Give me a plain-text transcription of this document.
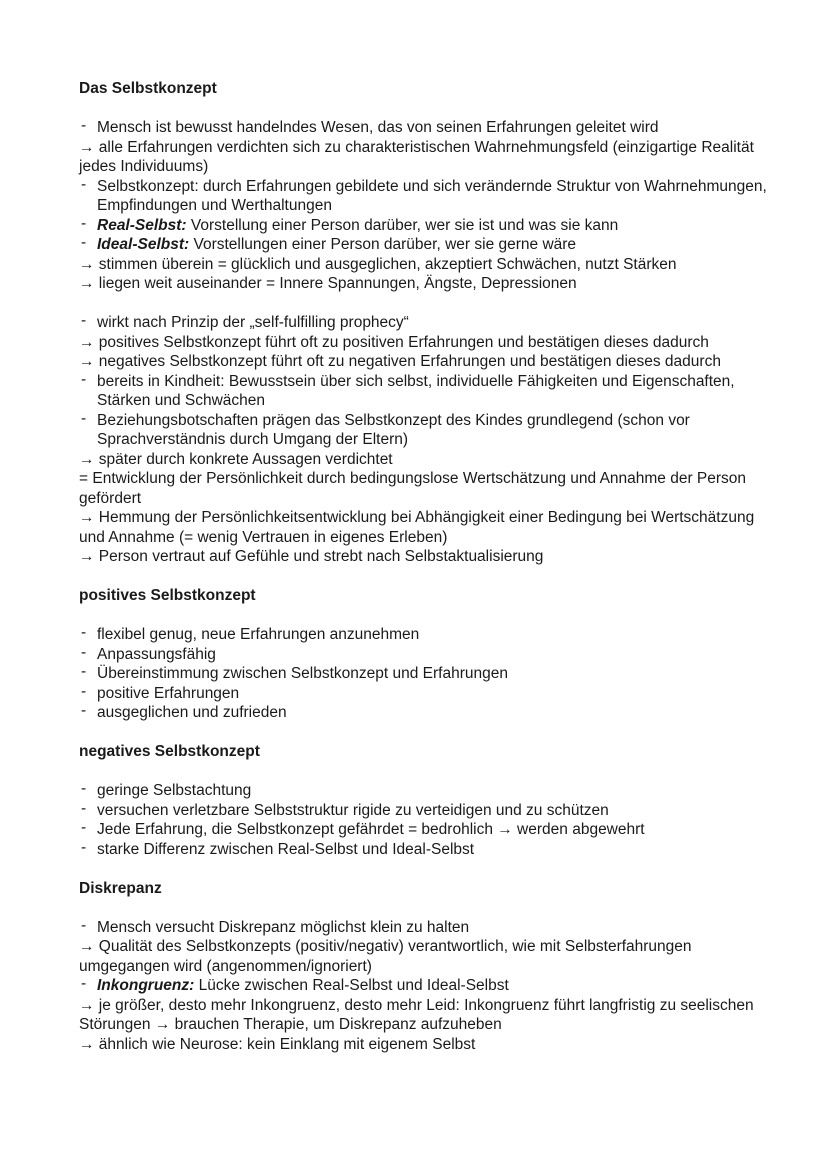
Das Selbstkonzept

- Mensch ist bewusst handelndes Wesen, das von seinen Erfahrungen geleitet wird

→ alle Erfahrungen verdichten sich zu charakteristischen Wahrnehmungsfeld (einzigartige Realität jedes Individuums)

- Selbstkonzept: durch Erfahrungen gebildete und sich verändernde Struktur von Wahrnehmungen, Empfindungen und Werthaltungen

- Real-Selbst: Vorstellung einer Person darüber, wer sie ist und was sie kann

- Ideal-Selbst: Vorstellungen einer Person darüber, wer sie gerne wäre

→ stimmen überein = glücklich und ausgeglichen, akzeptiert Schwächen, nutzt Stärken

→ liegen weit auseinander = Innere Spannungen, Ängste, Depressionen

- wirkt nach Prinzip der „self-fulfilling prophecy“

→ positives Selbstkonzept führt oft zu positiven Erfahrungen und bestätigen dieses dadurch

→ negatives Selbstkonzept führt oft zu negativen Erfahrungen und bestätigen dieses dadurch

- bereits in Kindheit: Bewusstsein über sich selbst, individuelle Fähigkeiten und Eigenschaften, Stärken und Schwächen

- Beziehungsbotschaften prägen das Selbstkonzept des Kindes grundlegend (schon vor Sprachverständnis durch Umgang der Eltern)

→ später durch konkrete Aussagen verdichtet

= Entwicklung der Persönlichkeit durch bedingungslose Wertschätzung und Annahme der Person gefördert

→ Hemmung der Persönlichkeitsentwicklung bei Abhängigkeit einer Bedingung bei Wertschätzung und Annahme (= wenig Vertrauen in eigenes Erleben)

→ Person vertraut auf Gefühle und strebt nach Selbstaktualisierung

positives Selbstkonzept

- flexibel genug, neue Erfahrungen anzunehmen

- Anpassungsfähig

- Übereinstimmung zwischen Selbstkonzept und Erfahrungen

- positive Erfahrungen

- ausgeglichen und zufrieden

negatives Selbstkonzept

- geringe Selbstachtung

- versuchen verletzbare Selbststruktur rigide zu verteidigen und zu schützen

- Jede Erfahrung, die Selbstkonzept gefährdet = bedrohlich → werden abgewehrt

- starke Differenz zwischen Real-Selbst und Ideal-Selbst

Diskrepanz

- Mensch versucht Diskrepanz möglichst klein zu halten

→ Qualität des Selbstkonzepts (positiv/negativ) verantwortlich, wie mit Selbsterfahrungen umgegangen wird (angenommen/ignoriert)

- Inkongruenz: Lücke zwischen Real-Selbst und Ideal-Selbst

→ je größer, desto mehr Inkongruenz, desto mehr Leid: Inkongruenz führt langfristig zu seelischen Störungen → brauchen Therapie, um Diskrepanz aufzuheben

→ ähnlich wie Neurose: kein Einklang mit eigenem Selbst
